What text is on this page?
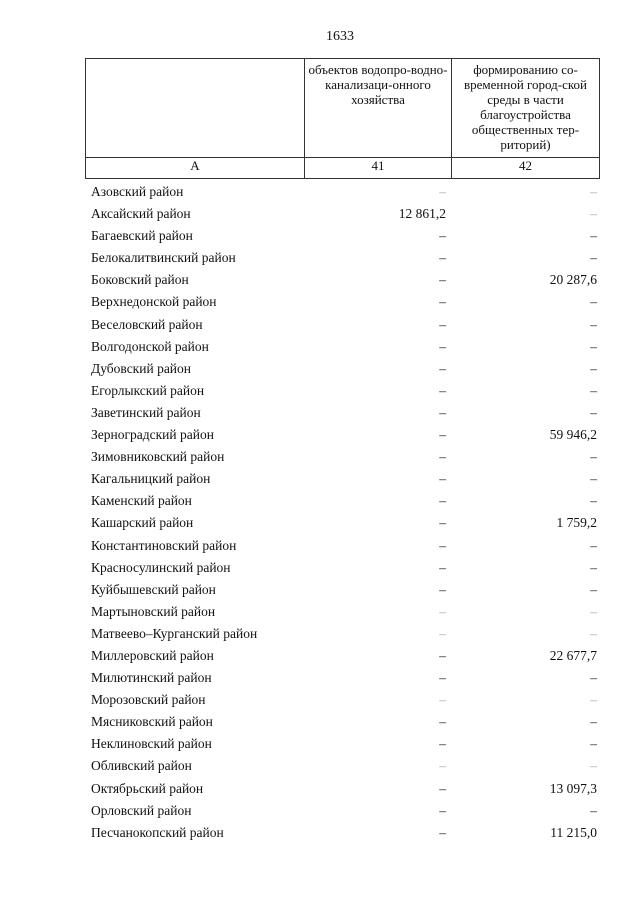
1633

	объектов водопро-водно-канализаци-онного хозяйства	формированию со-временной город-ской среды в части благоустройства общественных тер-риторий)

А	41	42
Азовский район	–	–
Аксайский район	12 861,2	–
Багаевский район	–	–
Белокалитвинский район	–	–
Боковский район	–	20 287,6
Верхнедонской район	–	–
Веселовский район	–	–
Волгодонской район	–	–
Дубовский район	–	–
Егорлыкский район	–	–
Заветинский район	–	–
Зерноградский район	–	59 946,2
Зимовниковский район	–	–
Кагальницкий район	–	–
Каменский район	–	–
Кашарский район	–	1 759,2
Константиновский район	–	–
Красносулинский район	–	–
Куйбышевский район	–	–
Мартыновский район	–	–
Матвеево–Курганский район	–	–
Миллеровский район	–	22 677,7
Милютинский район	–	–
Морозовский район	–	–
Мясниковский район	–	–
Неклиновский район	–	–
Обливский район	–	–
Октябрьский район	–	13 097,3
Орловский район	–	–
Песчанокопский район	–	11 215,0
